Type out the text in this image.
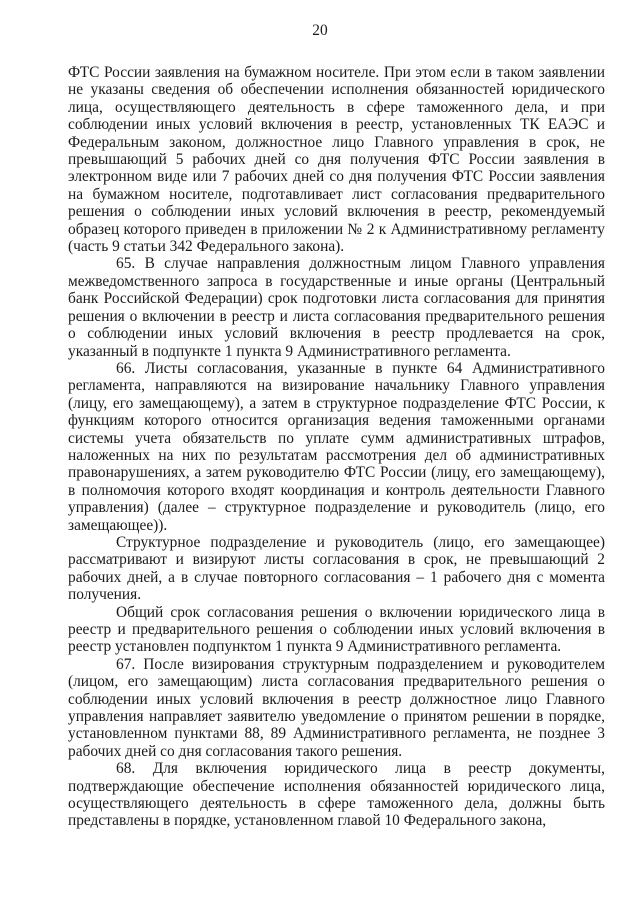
20

ФТС России заявления на бумажном носителе. При этом если в таком заявлении не указаны сведения об обеспечении исполнения обязанностей юридического лица, осуществляющего деятельность в сфере таможенного дела, и при соблюдении иных условий включения в реестр, установленных ТК ЕАЭС и Федеральным законом, должностное лицо Главного управления в срок, не превышающий 5 рабочих дней со дня получения ФТС России заявления в электронном виде или 7 рабочих дней со дня получения ФТС России заявления на бумажном носителе, подготавливает лист согласования предварительного решения о соблюдении иных условий включения в реестр, рекомендуемый образец которого приведен в приложении № 2 к Административному регламенту (часть 9 статьи 342 Федерального закона).

65. В случае направления должностным лицом Главного управления межведомственного запроса в государственные и иные органы (Центральный банк Российской Федерации) срок подготовки листа согласования для принятия решения о включении в реестр и листа согласования предварительного решения о соблюдении иных условий включения в реестр продлевается на срок, указанный в подпункте 1 пункта 9 Административного регламента.

66. Листы согласования, указанные в пункте 64 Административного регламента, направляются на визирование начальнику Главного управления (лицу, его замещающему), а затем в структурное подразделение ФТС России, к функциям которого относится организация ведения таможенными органами системы учета обязательств по уплате сумм административных штрафов, наложенных на них по результатам рассмотрения дел об административных правонарушениях, а затем руководителю ФТС России (лицу, его замещающему), в полномочия которого входят координация и контроль деятельности Главного управления) (далее – структурное подразделение и руководитель (лицо, его замещающее)).

Структурное подразделение и руководитель (лицо, его замещающее) рассматривают и визируют листы согласования в срок, не превышающий 2 рабочих дней, а в случае повторного согласования – 1 рабочего дня с момента получения.

Общий срок согласования решения о включении юридического лица в реестр и предварительного решения о соблюдении иных условий включения в реестр установлен подпунктом 1 пункта 9 Административного регламента.

67. После визирования структурным подразделением и руководителем (лицом, его замещающим) листа согласования предварительного решения о соблюдении иных условий включения в реестр должностное лицо Главного управления направляет заявителю уведомление о принятом решении в порядке, установленном пунктами 88, 89 Административного регламента, не позднее 3 рабочих дней со дня согласования такого решения.

68. Для включения юридического лица в реестр документы, подтверждающие обеспечение исполнения обязанностей юридического лица, осуществляющего деятельность в сфере таможенного дела, должны быть представлены в порядке, установленном главой 10 Федерального закона,
